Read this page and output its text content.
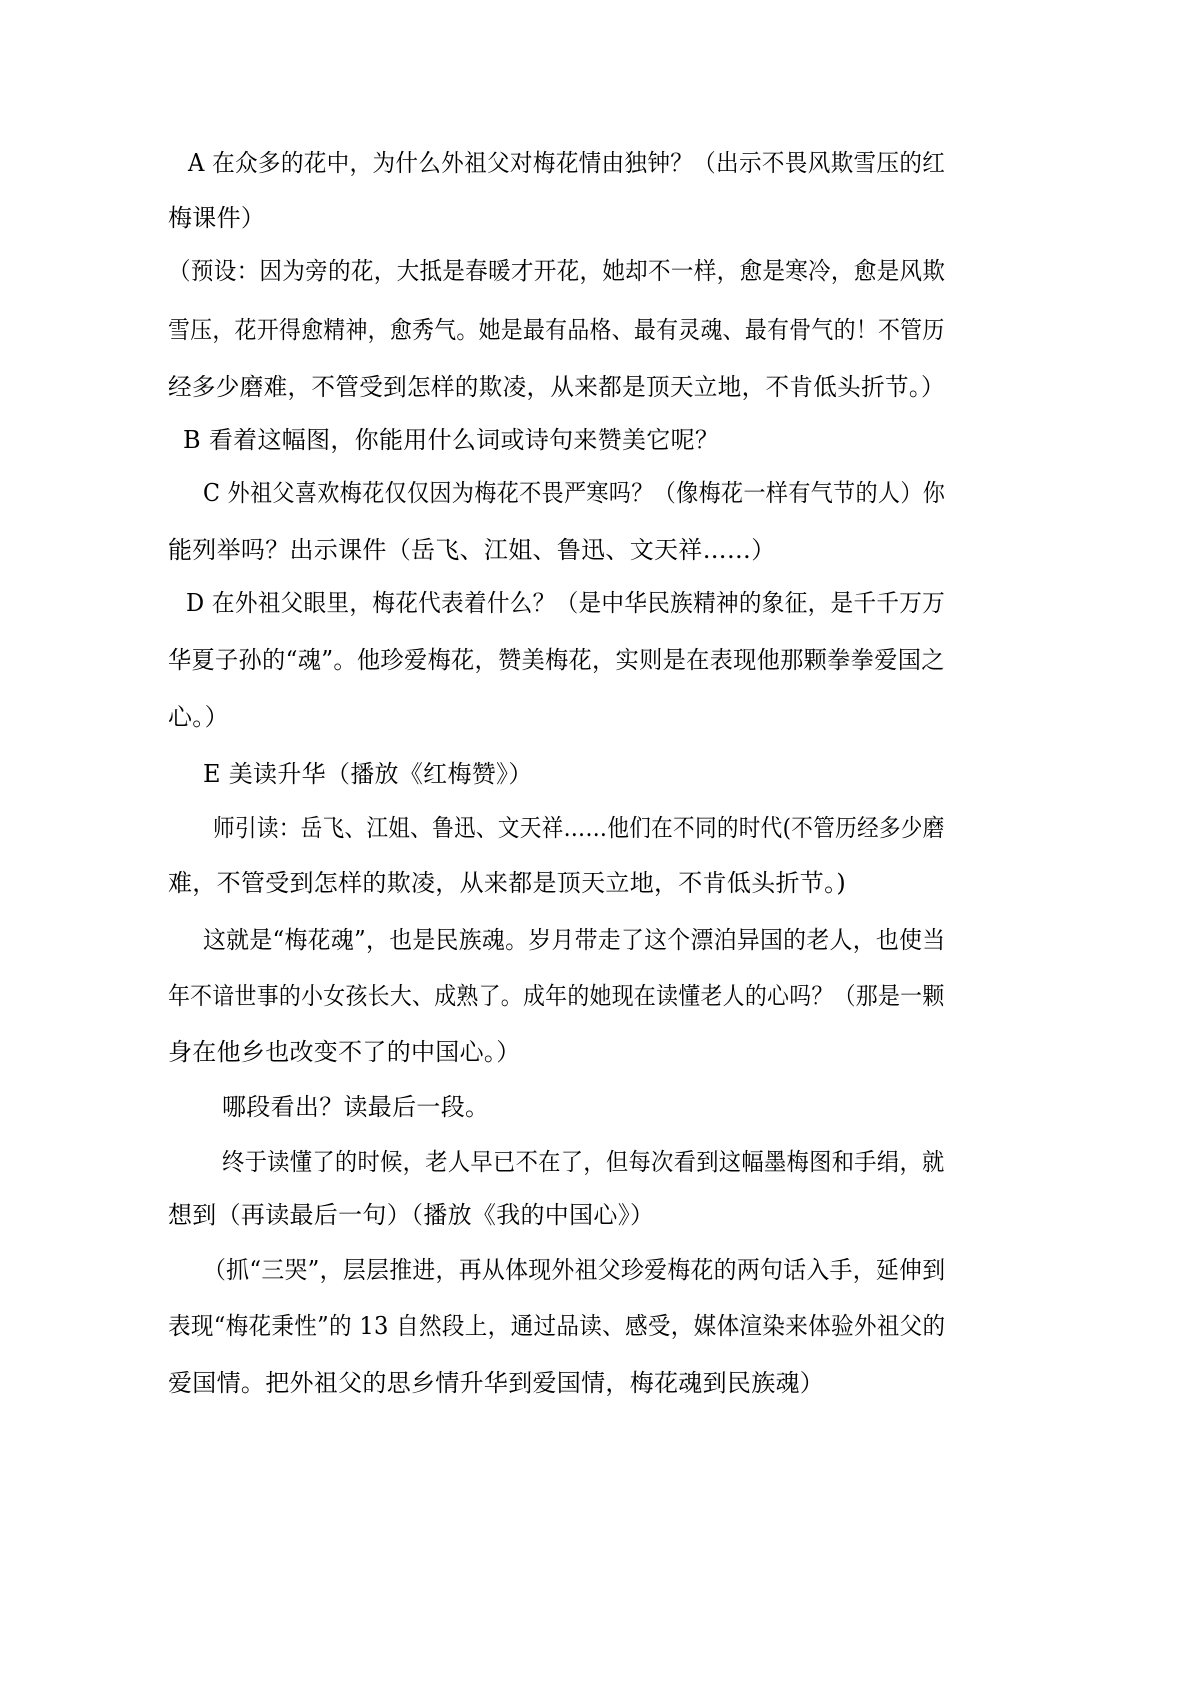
A 在众多的花中，为什么外祖父对梅花情由独钟？（出示不畏风欺雪压的红
梅课件）
（预设：因为旁的花，大抵是春暖才开花，她却不一样，愈是寒冷，愈是风欺
雪压，花开得愈精神，愈秀气。她是最有品格、最有灵魂、最有骨气的！不管历
经多少磨难，不管受到怎样的欺凌，从来都是顶天立地，不肯低头折节。）
B 看着这幅图，你能用什么词或诗句来赞美它呢？
C 外祖父喜欢梅花仅仅因为梅花不畏严寒吗？（像梅花一样有气节的人）你
能列举吗？出示课件（岳飞、江姐、鲁迅、文天祥……）
D 在外祖父眼里，梅花代表着什么？（是中华民族精神的象征，是千千万万
华夏子孙的“魂”。他珍爱梅花，赞美梅花，实则是在表现他那颗拳拳爱国之
心。）
E 美读升华（播放《红梅赞》）
师引读：岳飞、江姐、鲁迅、文天祥……他们在不同的时代(不管历经多少磨
难，不管受到怎样的欺凌，从来都是顶天立地，不肯低头折节。)
这就是“梅花魂”，也是民族魂。岁月带走了这个漂泊异国的老人，也使当
年不谙世事的小女孩长大、成熟了。成年的她现在读懂老人的心吗？（那是一颗
身在他乡也改变不了的中国心。）
哪段看出？读最后一段。
终于读懂了的时候，老人早已不在了，但每次看到这幅墨梅图和手绢，就
想到（再读最后一句）（播放《我的中国心》）
（抓“三哭”，层层推进，再从体现外祖父珍爱梅花的两句话入手，延伸到
表现“梅花秉性”的 13 自然段上，通过品读、感受，媒体渲染来体验外祖父的
爱国情。把外祖父的思乡情升华到爱国情，梅花魂到民族魂）
